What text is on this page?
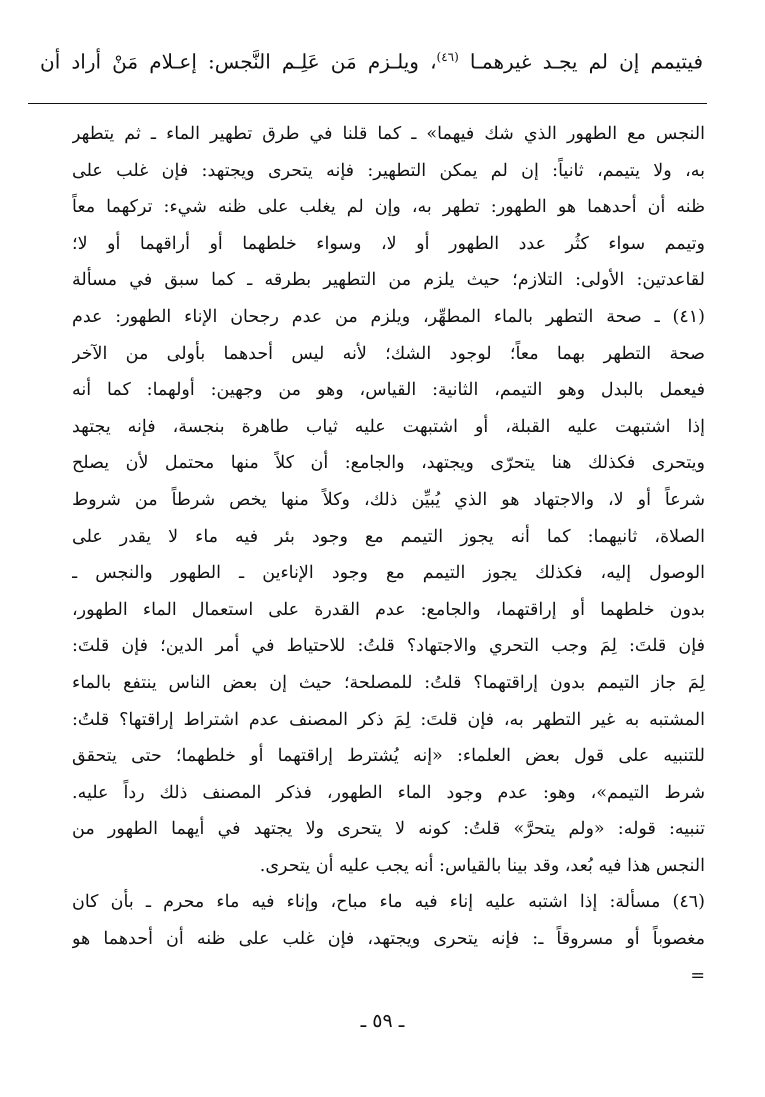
فيتيمم إن لم يجـد غيرهمـا $^{(٤٦)}$، ويلـزم مَن عَلِـم النَّجس: إعـلام مَنْ أراد أن
النجس مع الطهور الذي شك فيهما» ـ كما قلنا في طرق تطهير الماء ـ ثم يتطهر
به، ولا يتيمم، ثانياً: إن لم يمكن التطهير: فإنه يتحرى ويجتهد: فإن غلب على
ظنه أن أحدهما هو الطهور: تطهر به، وإن لم يغلب على ظنه شيء: تركهما معاً
وتيمم سواء كثُر عدد الطهور أو لا، وسواء خلطهما أو أراقهما أو لا؛
لقاعدتين: الأولى: التلازم؛ حيث يلزم من التطهير بطرقه ـ كما سبق في مسألة
(٤١) ـ صحة التطهر بالماء المطهِّر، ويلزم من عدم رجحان الإناء الطهور: عدم
صحة التطهر بهما معاً؛ لوجود الشك؛ لأنه ليس أحدهما بأولى من الآخر
فيعمل بالبدل وهو التيمم، الثانية: القياس، وهو من وجهين: أولهما: كما أنه
إذا اشتبهت عليه القبلة، أو اشتبهت عليه ثياب طاهرة بنجسة، فإنه يجتهد
ويتحرى فكذلك هنا يتحرّى ويجتهد، والجامع: أن كلاً منها محتمل لأن يصلح
شرعاً أو لا، والاجتهاد هو الذي يُبيِّن ذلك، وكلاً منها يخص شرطاً من شروط
الصلاة، ثانيهما: كما أنه يجوز التيمم مع وجود بئر فيه ماء لا يقدر على
الوصول إليه، فكذلك يجوز التيمم مع وجود الإناءين ـ الطهور والنجس ـ
بدون خلطهما أو إراقتهما، والجامع: عدم القدرة على استعمال الماء الطهور،
فإن قلتَ: لِمَ وجب التحري والاجتهاد؟ قلتُ: للاحتياط في أمر الدين؛ فإن قلتَ:
لِمَ جاز التيمم بدون إراقتهما؟ قلتُ: للمصلحة؛ حيث إن بعض الناس ينتفع بالماء
المشتبه به غير التطهر به، فإن قلتَ: لِمَ ذكر المصنف عدم اشتراط إراقتها؟ قلتُ:
للتنبيه على قول بعض العلماء: «إنه يُشترط إراقتهما أو خلطهما؛ حتى يتحقق
شرط التيمم»، وهو: عدم وجود الماء الطهور، فذكر المصنف ذلك رداً عليه.
تنبيه: قوله: «ولم يتحرَّ» قلتُ: كونه لا يتحرى ولا يجتهد في أيهما الطهور من
النجس هذا فيه بُعد، وقد بينا بالقياس: أنه يجب عليه أن يتحرى.
(٤٦) مسألة: إذا اشتبه عليه إناء فيه ماء مباح، وإناء فيه ماء محرم ـ بأن كان
مغصوباً أو مسروقاً ـ: فإنه يتحرى ويجتهد، فإن غلب على ظنه أن أحدهما هو
=
ـ ٥٩ ـ
